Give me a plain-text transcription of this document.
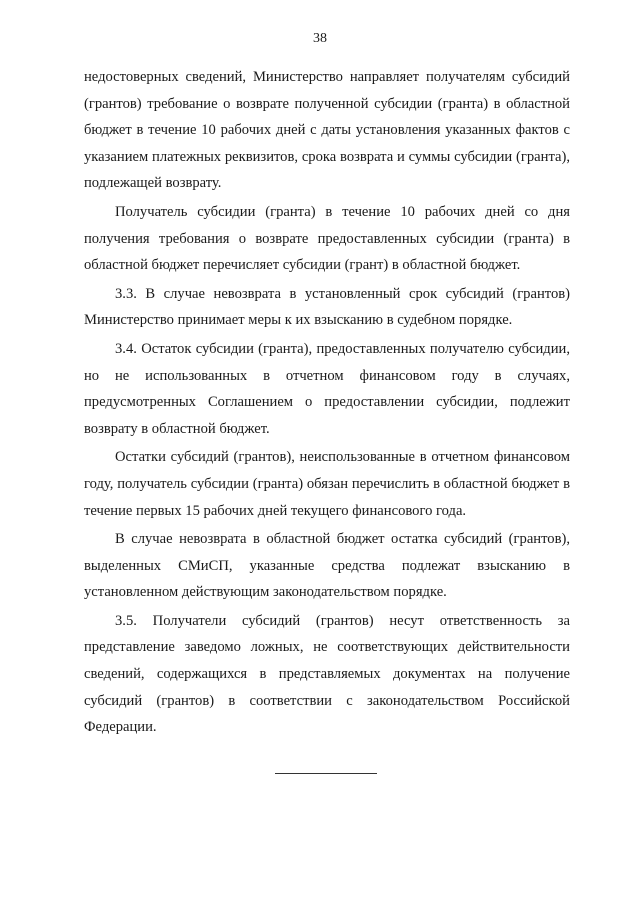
38

недостоверных сведений, Министерство направляет получателям субсидий (грантов) требование о возврате полученной субсидии (гранта) в областной бюджет в течение 10 рабочих дней с даты установления указанных фактов с указанием платежных реквизитов, срока возврата и суммы субсидии (гранта), подлежащей возврату.

Получатель субсидии (гранта) в течение 10 рабочих дней со дня получения требования о возврате предоставленных субсидии (гранта) в областной бюджет перечисляет субсидии (грант) в областной бюджет.

3.3. В случае невозврата в установленный срок субсидий (грантов) Министерство принимает меры к их взысканию в судебном порядке.

3.4. Остаток субсидии (гранта), предоставленных получателю субсидии, но не использованных в отчетном финансовом году в случаях, предусмотренных Соглашением о предоставлении субсидии, подлежит возврату в областной бюджет.

Остатки субсидий (грантов), неиспользованные в отчетном финансовом году, получатель субсидии (гранта) обязан перечислить в областной бюджет в течение первых 15 рабочих дней текущего финансового года.

В случае невозврата в областной бюджет остатка субсидий (грантов), выделенных СМиСП, указанные средства подлежат взысканию в установленном действующим законодательством порядке.

3.5. Получатели субсидий (грантов) несут ответственность за представление заведомо ложных, не соответствующих действительности сведений, содержащихся в представляемых документах на получение субсидий (грантов) в соответствии с законодательством Российской Федерации.
